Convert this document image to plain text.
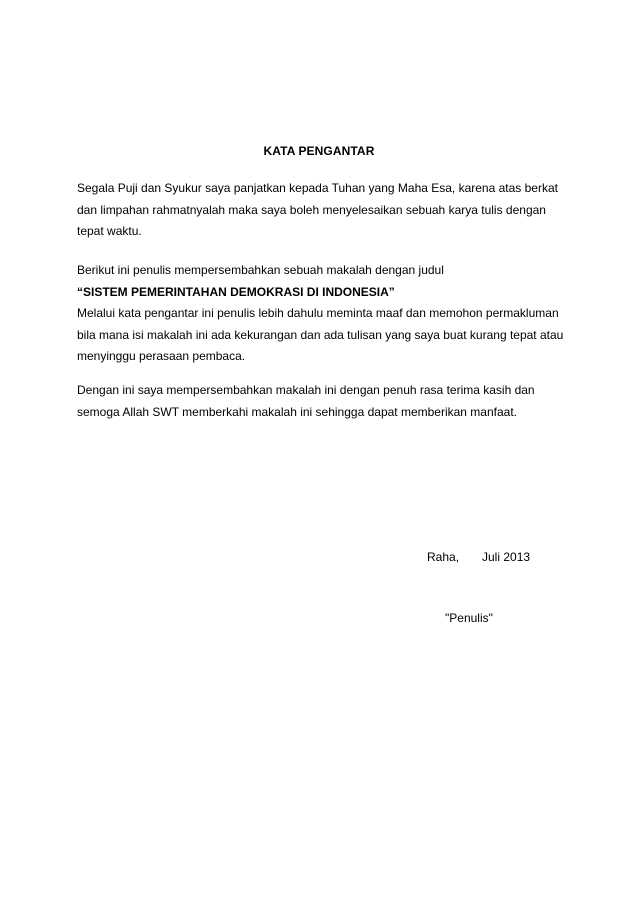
KATA PENGANTAR

Segala Puji dan Syukur saya panjatkan kepada Tuhan yang Maha Esa, karena atas berkat
dan limpahan rahmatnyalah maka saya boleh menyelesaikan sebuah karya tulis dengan
tepat waktu.

Berikut ini penulis mempersembahkan sebuah makalah dengan judul
“SISTEM PEMERINTAHAN DEMOKRASI DI INDONESIA”
Melalui kata pengantar ini penulis lebih dahulu meminta maaf dan memohon permakluman
bila mana isi makalah ini ada kekurangan dan ada tulisan yang saya buat kurang tepat atau
menyinggu perasaan pembaca.

Dengan ini saya mempersembahkan makalah ini dengan penuh rasa terima kasih dan
semoga Allah SWT memberkahi makalah ini sehingga dapat memberikan manfaat.

Raha, Juli 2013
"Penulis"
